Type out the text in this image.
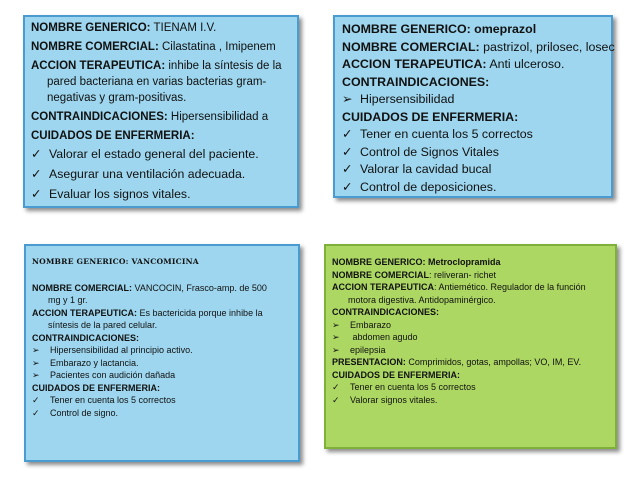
NOMBRE GENERICO: TIENAM I.V.
NOMBRE COMERCIAL: Cilastatina , Imipenem
ACCION TERAPEUTICA: inhibe la síntesis de la
pared bacteriana en varias bacterias gram-
negativas y gram-positivas.
CONTRAINDICACIONES: Hipersensibilidad a
CUIDADOS DE ENFERMERIA:
✓ Valorar el estado general del paciente.
✓ Asegurar una ventilación adecuada.
✓ Evaluar los signos vitales.
NOMBRE GENERICO: omeprazol
NOMBRE COMERCIAL: pastrizol, prilosec, losec
ACCION TERAPEUTICA: Anti ulceroso.
CONTRAINDICACIONES:
➢ Hipersensibilidad
CUIDADOS DE ENFERMERIA:
✓ Tener en cuenta los 5 correctos
✓ Control de Signos Vitales
✓ Valorar la cavidad bucal
✓ Control de deposiciones.
NOMBRE GENERICO: VANCOMICINA
NOMBRE COMERCIAL: VANCOCIN, Frasco-amp. de 500
mg y 1 gr.
ACCION TERAPEUTICA: Es bactericida porque inhibe la
síntesis de la pared celular.
CONTRAINDICACIONES:
➢ Hipersensibilidad al principio activo.
➢ Embarazo y lactancia.
➢ Pacientes con audición dañada
CUIDADOS DE ENFERMERIA:
✓ Tener en cuenta los 5 correctos
✓ Control de signo.
NOMBRE GENERICO: Metroclopramida
NOMBRE COMERCIAL: reliveran- richet
ACCION TERAPEUTICA: Antiemético. Regulador de la función
motora digestiva. Antidopaminérgico.
CONTRAINDICACIONES:
➢ Embarazo
➢ abdomen agudo
➢ epilepsia
PRESENTACION: Comprimidos, gotas, ampollas; VO, IM, EV.
CUIDADOS DE ENFERMERIA:
✓ Tener en cuenta los 5 correctos
✓ Valorar signos vitales.
